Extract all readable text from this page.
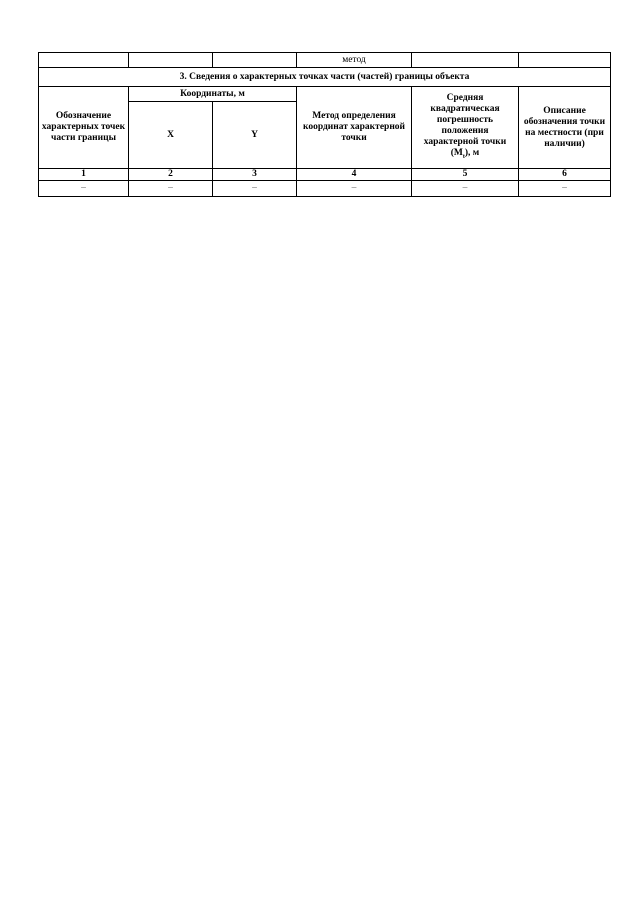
			метод		
3. Сведения о характерных точках части (частей) границы объекта					
Обозначение характерных точек части границы	Координаты, м		Метод определения координат характерной точки	Средняя квадратическая погрешность положения характерной точки $(M_t)$, м	Описание обозначения точки на местности (при наличии)
	X	Y			
1	2	3	4	5	6
–	–	–	–	–	–
